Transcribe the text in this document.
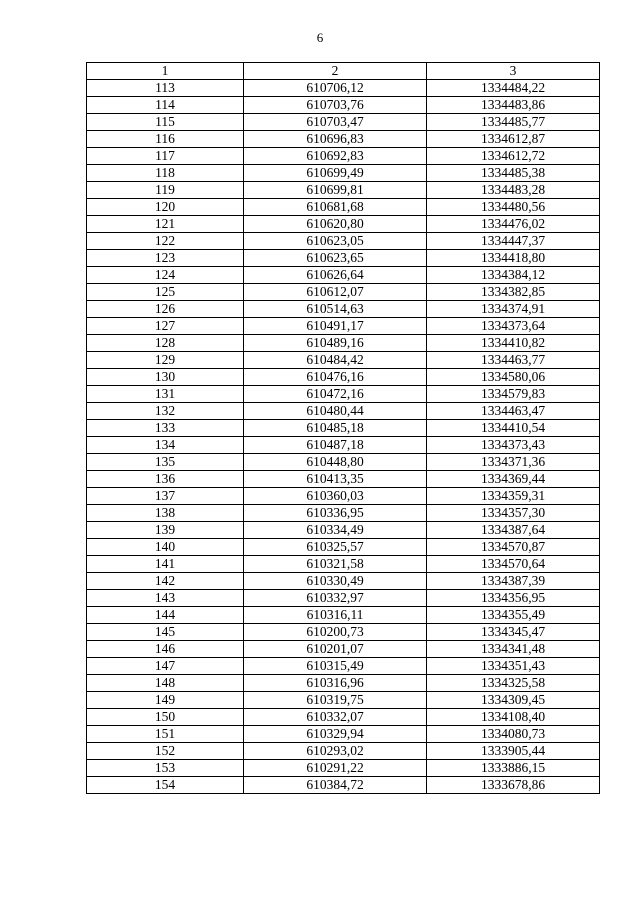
6
1	2	3
113	610706,12	1334484,22
114	610703,76	1334483,86
115	610703,47	1334485,77
116	610696,83	1334612,87
117	610692,83	1334612,72
118	610699,49	1334485,38
119	610699,81	1334483,28
120	610681,68	1334480,56
121	610620,80	1334476,02
122	610623,05	1334447,37
123	610623,65	1334418,80
124	610626,64	1334384,12
125	610612,07	1334382,85
126	610514,63	1334374,91
127	610491,17	1334373,64
128	610489,16	1334410,82
129	610484,42	1334463,77
130	610476,16	1334580,06
131	610472,16	1334579,83
132	610480,44	1334463,47
133	610485,18	1334410,54
134	610487,18	1334373,43
135	610448,80	1334371,36
136	610413,35	1334369,44
137	610360,03	1334359,31
138	610336,95	1334357,30
139	610334,49	1334387,64
140	610325,57	1334570,87
141	610321,58	1334570,64
142	610330,49	1334387,39
143	610332,97	1334356,95
144	610316,11	1334355,49
145	610200,73	1334345,47
146	610201,07	1334341,48
147	610315,49	1334351,43
148	610316,96	1334325,58
149	610319,75	1334309,45
150	610332,07	1334108,40
151	610329,94	1334080,73
152	610293,02	1333905,44
153	610291,22	1333886,15
154	610384,72	1333678,86
